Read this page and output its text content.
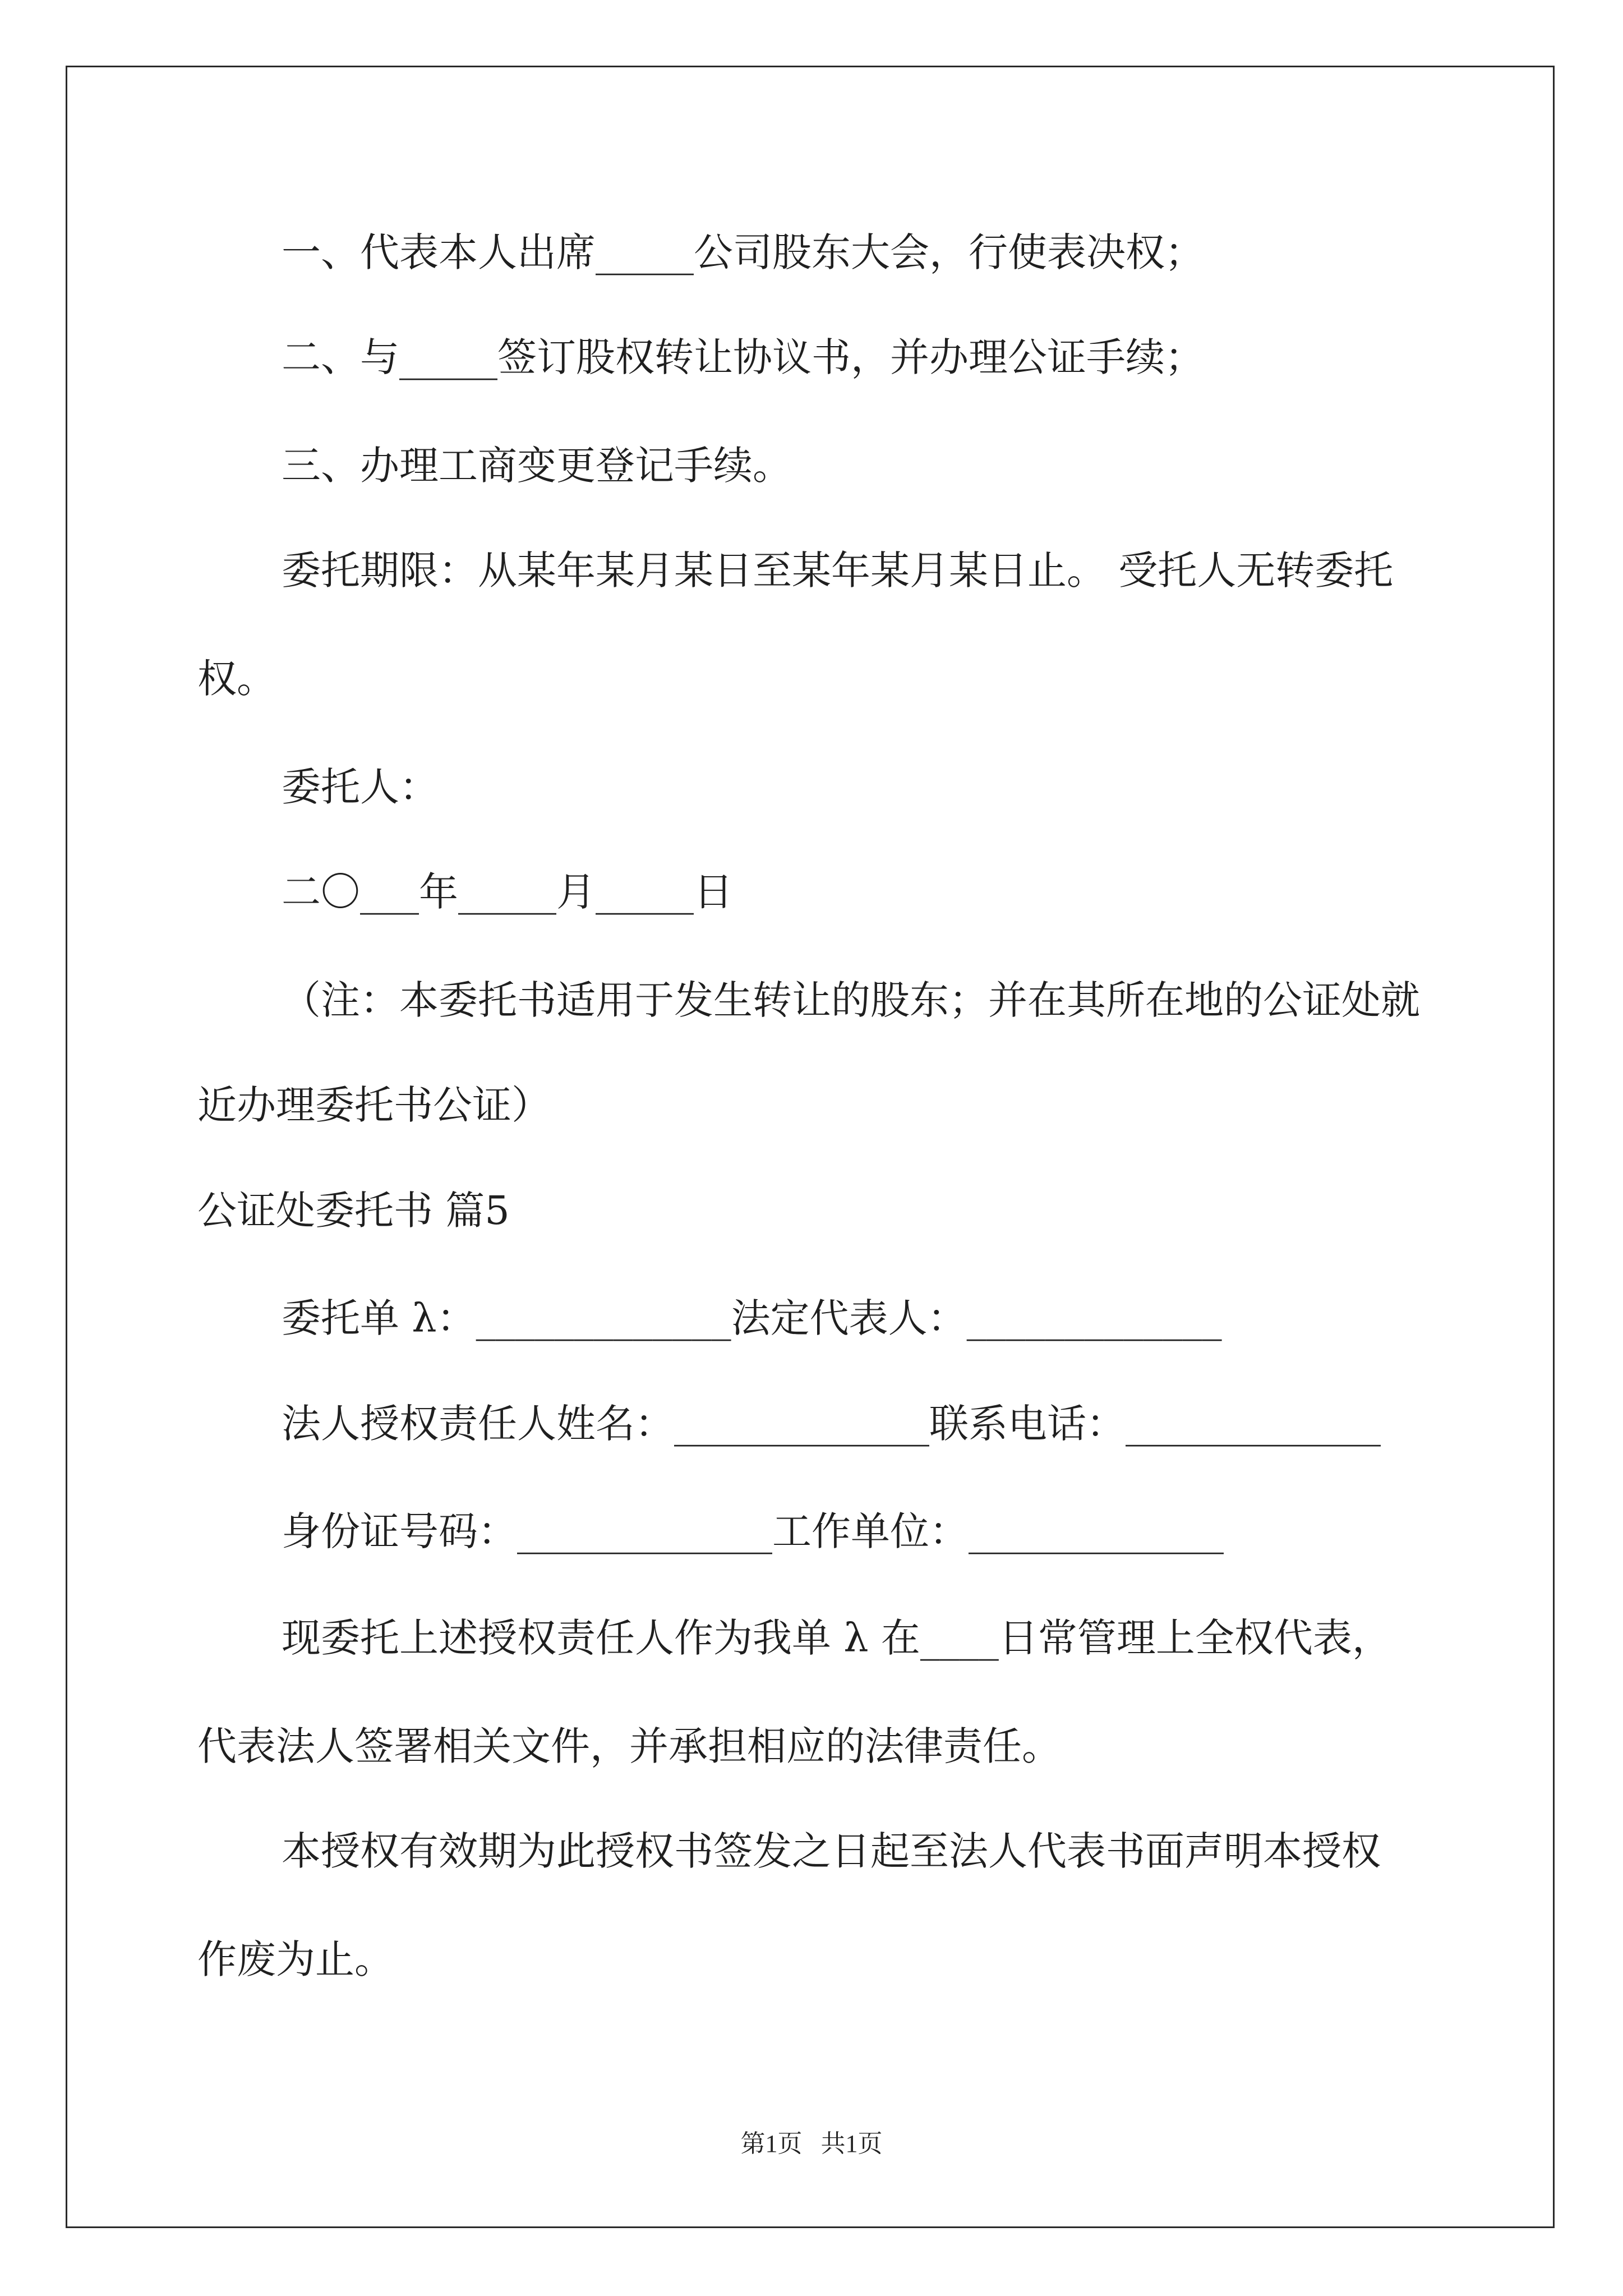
一、代表本人出席_____公司股东大会，行使表决权；
二、与_____签订股权转让协议书，并办理公证手续；
三、办理工商变更登记手续。
委托期限：从某年某月某日至某年某月某日止。 受托人无转委托
权。
委托人：
二〇___年_____月_____日
（注：本委托书适用于发生转让的股东；并在其所在地的公证处就
近办理委托书公证）
公证处委托书 篇5
委托单 λ：_____________法定代表人：_____________
法人授权责任人姓名：_____________联系电话：_____________
身份证号码：_____________工作单位：_____________
现委托上述授权责任人作为我单 λ 在____日常管理上全权代表，
代表法人签署相关文件，并承担相应的法律责任。
本授权有效期为此授权书签发之日起至法人代表书面声明本授权
作废为止。
第1页   共1页
